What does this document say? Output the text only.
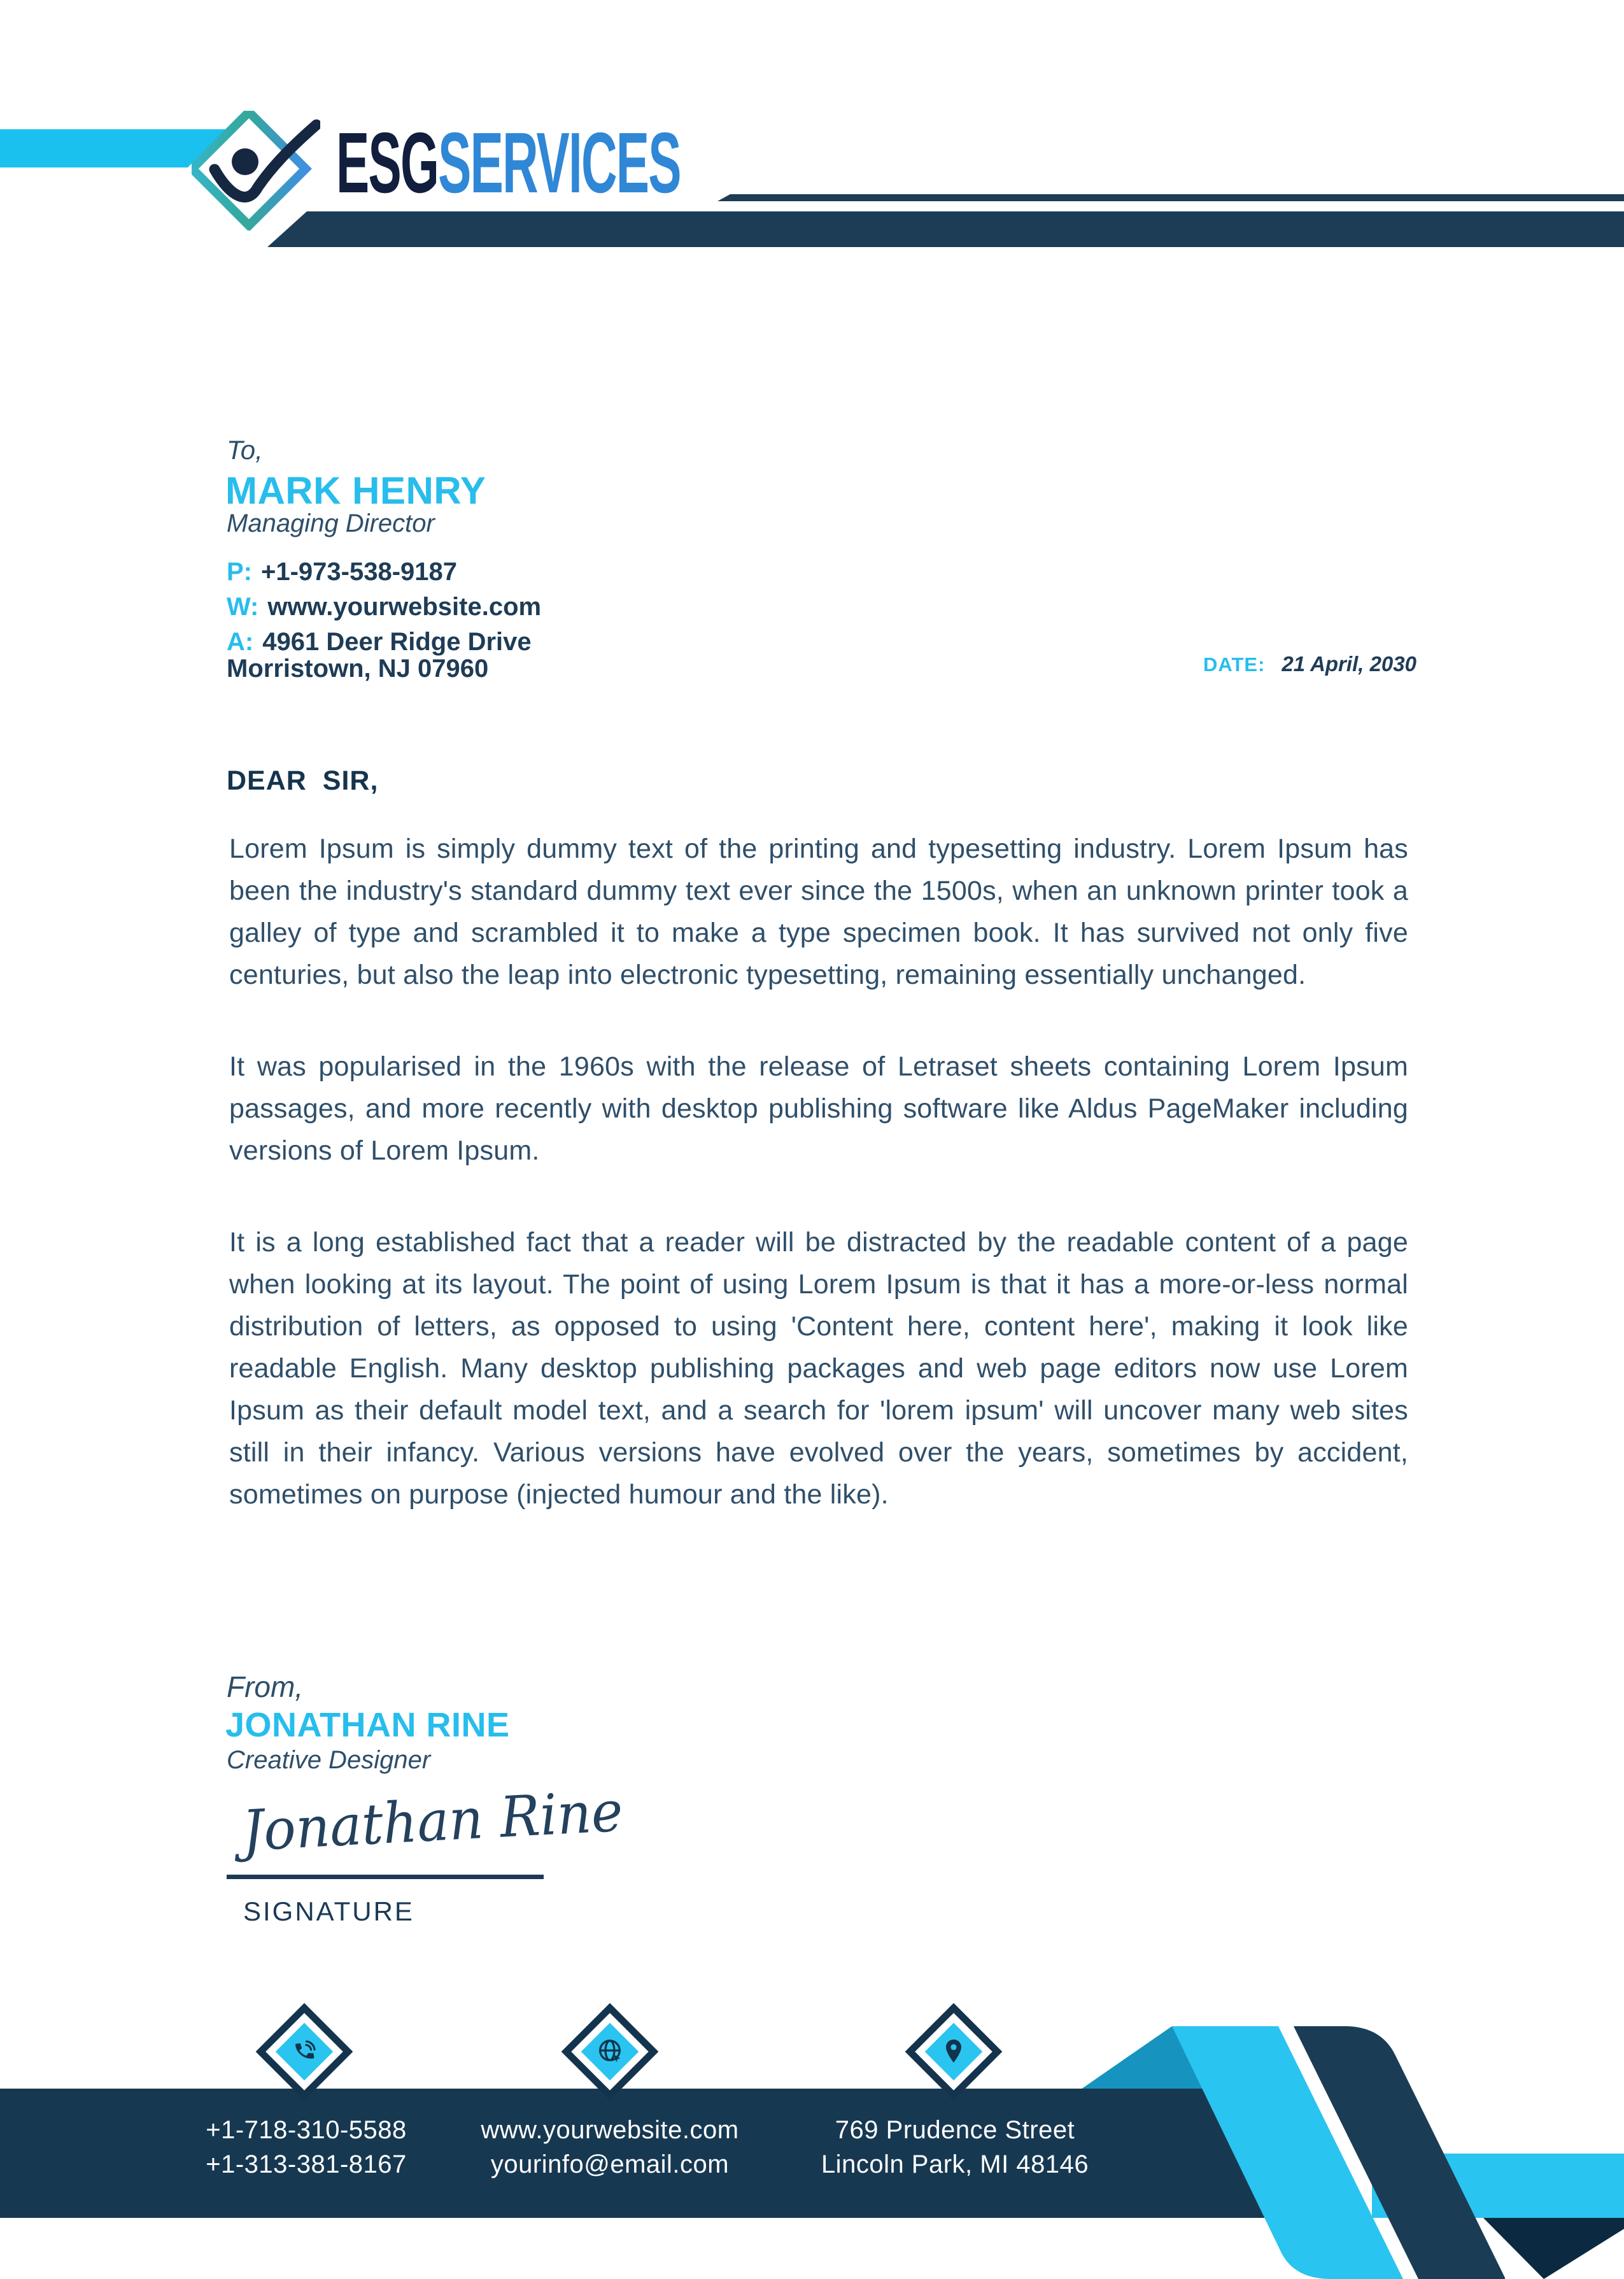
ESGSERVICES
To,
MARK HENRY
Managing Director
P: +1-973-538-9187
W: www.yourwebsite.com
A: 4961 Deer Ridge Drive
Morristown, NJ 07960	DATE: 21 April, 2030
DEAR SIR,

Lorem Ipsum is simply dummy text of the printing and typesetting industry. Lorem Ipsum has been the industry's standard dummy text ever since the 1500s, when an unknown printer took a galley of type and scrambled it to make a type specimen book. It has survived not only five centuries, but also the leap into electronic typesetting, remaining essentially unchanged.

It was popularised in the 1960s with the release of Letraset sheets containing Lorem Ipsum passages, and more recently with desktop publishing software like Aldus PageMaker including versions of Lorem Ipsum.

It is a long established fact that a reader will be distracted by the readable content of a page when looking at its layout. The point of using Lorem Ipsum is that it has a more-or-less normal distribution of letters, as opposed to using 'Content here, content here', making it look like readable English. Many desktop publishing packages and web page editors now use Lorem Ipsum as their default model text, and a search for 'lorem ipsum' will uncover many web sites still in their infancy. Various versions have evolved over the years, sometimes by accident, sometimes on purpose (injected humour and the like).

From,
JONATHAN RINE
Creative Designer
Jonathan Rine
SIGNATURE
+1-718-310-5588
+1-313-381-8167
www.yourwebsite.com
yourinfo@email.com
769 Prudence Street
Lincoln Park, MI 48146
